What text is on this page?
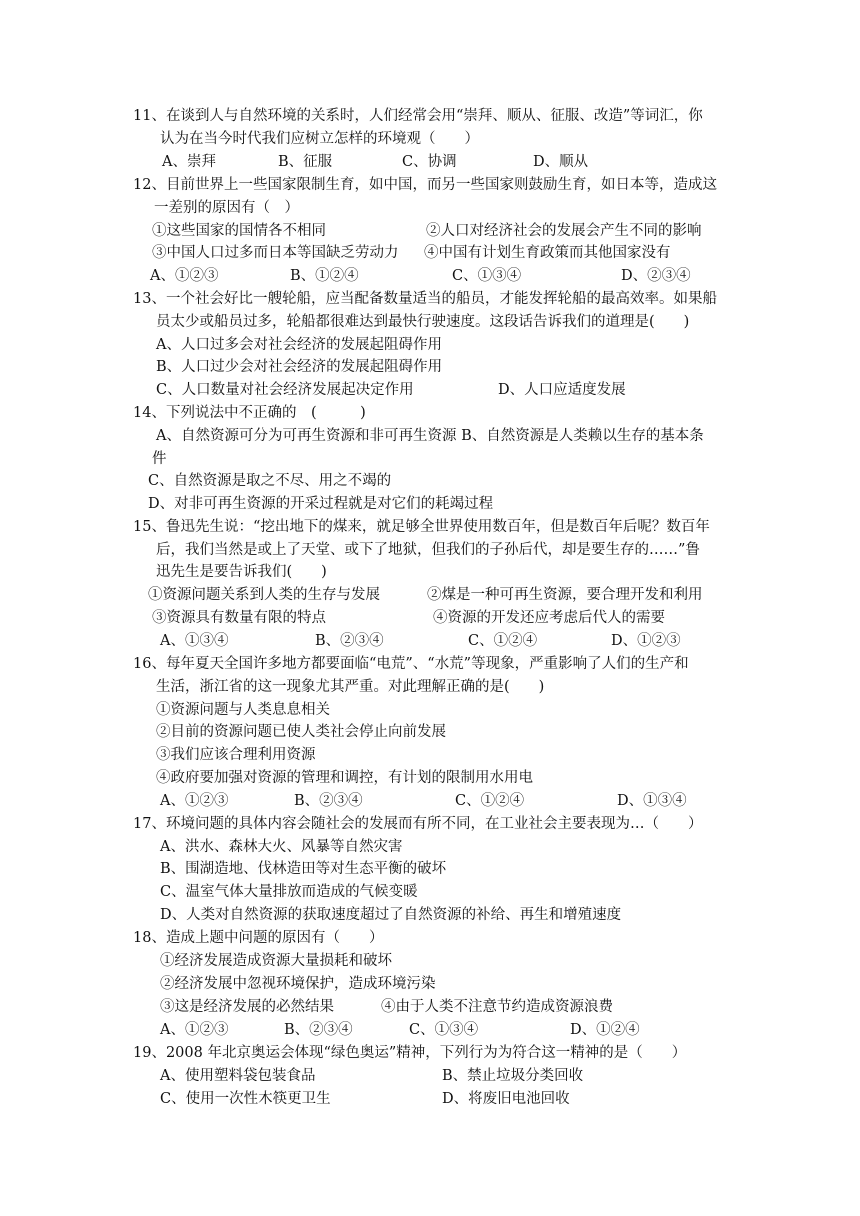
11、在谈到人与自然环境的关系时，人们经常会用“崇拜、顺从、征服、改造”等词汇，你
认为在当今时代我们应树立怎样的环境观（　　）
A、崇拜	B、征服	C、协调	D、顺从
12、目前世界上一些国家限制生育，如中国，而另一些国家则鼓励生育，如日本等，造成这
一差别的原因有（　）
①这些国家的国情各不相同	②人口对经济社会的发展会产生不同的影响
③中国人口过多而日本等国缺乏劳动力 ④中国有计划生育政策而其他国家没有
A、①②③	B、①②④	C、①③④	D、②③④
13、一个社会好比一艘轮船，应当配备数量适当的船员，才能发挥轮船的最高效率。如果船
员太少或船员过多，轮船都很难达到最快行驶速度。这段话告诉我们的道理是(　　)
A、人口过多会对社会经济的发展起阻碍作用
B、人口过少会对社会经济的发展起阻碍作用
C、人口数量对社会经济发展起决定作用	D、人口应适度发展
14、下列说法中不正确的　(　　　)
A、自然资源可分为可再生资源和非可再生资源 B、自然资源是人类赖以生存的基本条
件
C、自然资源是取之不尽、用之不竭的
D、对非可再生资源的开采过程就是对它们的耗竭过程
15、鲁迅先生说：“挖出地下的煤来，就足够全世界使用数百年，但是数百年后呢？数百年
后，我们当然是或上了天堂、或下了地狱，但我们的子孙后代，却是要生存的……”鲁
迅先生是要告诉我们(　　)
①资源问题关系到人类的生存与发展	②煤是一种可再生资源，要合理开发和利用
③资源具有数量有限的特点	④资源的开发还应考虑后代人的需要
A、①③④	B、②③④	C、①②④	D、①②③
16、每年夏天全国许多地方都要面临“电荒”、“水荒”等现象，严重影响了人们的生产和
生活，浙江省的这一现象尤其严重。对此理解正确的是(　　)
①资源问题与人类息息相关
②目前的资源问题已使人类社会停止向前发展
③我们应该合理利用资源
④政府要加强对资源的管理和调控，有计划的限制用水用电
A、①②③	B、②③④	C、①②④	D、①③④
17、环境问题的具体内容会随社会的发展而有所不同，在工业社会主要表现为…（　　）
A、洪水、森林大火、风暴等自然灾害
B、围湖造地、伐林造田等对生态平衡的破坏
C、温室气体大量排放而造成的气候变暖
D、人类对自然资源的获取速度超过了自然资源的补给、再生和增殖速度
18、造成上题中问题的原因有（　　）
①经济发展造成资源大量损耗和破坏
②经济发展中忽视环境保护，造成环境污染
③这是经济发展的必然结果	④由于人类不注意节约造成资源浪费
A、①②③	B、②③④	C、①③④	D、①②④
19、2008 年北京奥运会体现“绿色奥运”精神，下列行为为符合这一精神的是（　　）
A、使用塑料袋包装食品	B、禁止垃圾分类回收
C、使用一次性木筷更卫生	D、将废旧电池回收
